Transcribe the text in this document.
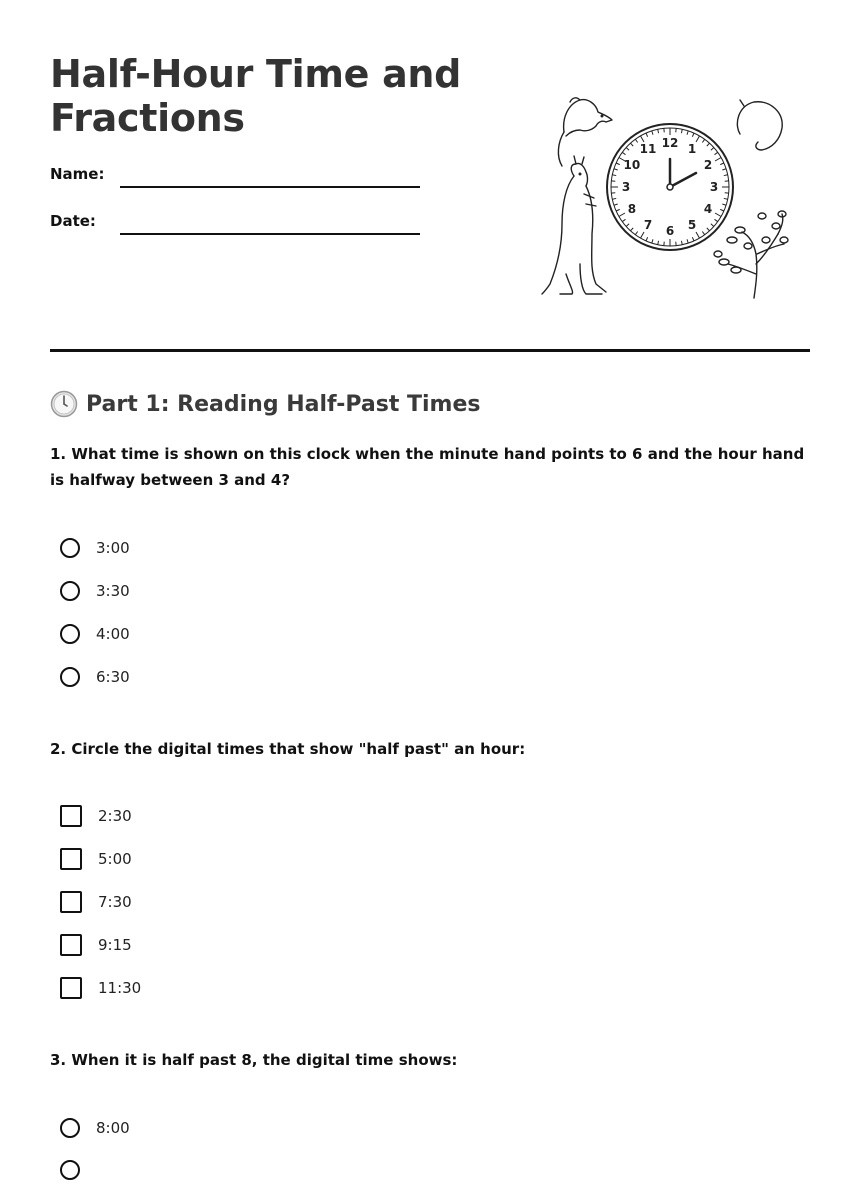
Half-Hour Time and Fractions
Name:
Date:
12 1
2
3
4
5
6
7
8
3
10
11
Part 1: Reading Half-Past Times
1. What time is shown on this clock when the minute hand points to 6 and the hour hand is halfway between 3 and 4?
3:00
3:30
4:00
6:30
2. Circle the digital times that show "half past" an hour:
2:30
5:00
7:30
9:15
11:30
3. When it is half past 8, the digital time shows:
8:00
